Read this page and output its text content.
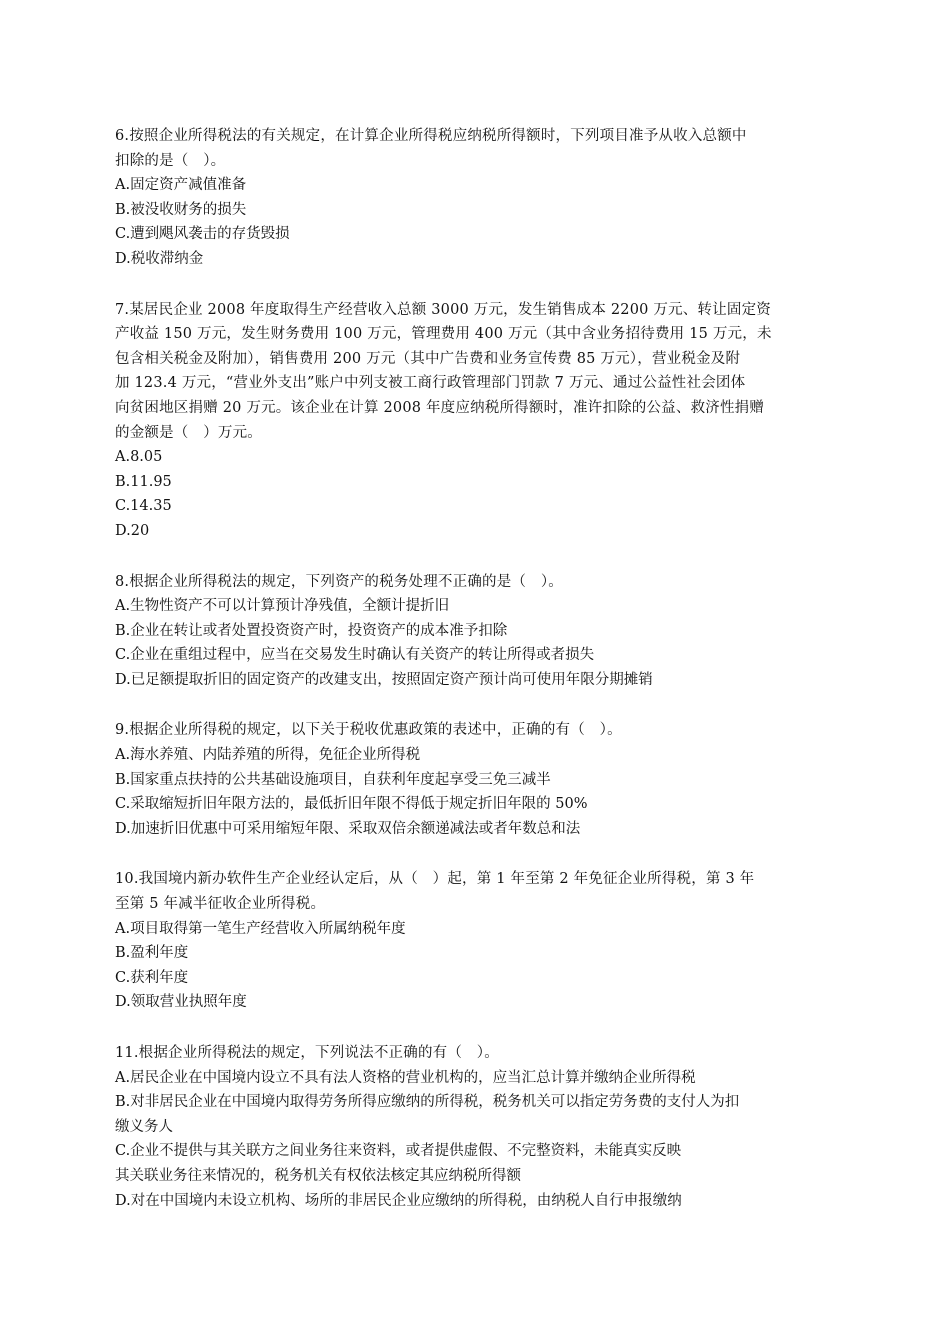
6.按照企业所得税法的有关规定，在计算企业所得税应纳税所得额时，下列项目准予从收入总额中
扣除的是（　）。
A.固定资产减值准备
B.被没收财务的损失
C.遭到飓风袭击的存货毁损
D.税收滞纳金
7.某居民企业 2008 年度取得生产经营收入总额 3000 万元，发生销售成本 2200 万元、转让固定资
产收益 150 万元，发生财务费用 100 万元，管理费用 400 万元（其中含业务招待费用 15 万元，未
包含相关税金及附加），销售费用 200 万元（其中广告费和业务宣传费 85 万元），营业税金及附
加 123.4 万元，“营业外支出”账户中列支被工商行政管理部门罚款 7 万元、通过公益性社会团体
向贫困地区捐赠 20 万元。该企业在计算 2008 年度应纳税所得额时，准许扣除的公益、救济性捐赠
的金额是（　）万元。
A.8.05
B.11.95
C.14.35
D.20
8.根据企业所得税法的规定，下列资产的税务处理不正确的是（　）。
A.生物性资产不可以计算预计净残值，全额计提折旧
B.企业在转让或者处置投资资产时，投资资产的成本准予扣除
C.企业在重组过程中，应当在交易发生时确认有关资产的转让所得或者损失
D.已足额提取折旧的固定资产的改建支出，按照固定资产预计尚可使用年限分期摊销
9.根据企业所得税的规定，以下关于税收优惠政策的表述中，正确的有（　）。
A.海水养殖、内陆养殖的所得，免征企业所得税
B.国家重点扶持的公共基础设施项目，自获利年度起享受三免三减半
C.采取缩短折旧年限方法的，最低折旧年限不得低于规定折旧年限的 50%
D.加速折旧优惠中可采用缩短年限、采取双倍余额递减法或者年数总和法
10.我国境内新办软件生产企业经认定后，从（　）起，第 1 年至第 2 年免征企业所得税，第 3 年
至第 5 年减半征收企业所得税。
A.项目取得第一笔生产经营收入所属纳税年度
B.盈利年度
C.获利年度
D.领取营业执照年度
11.根据企业所得税法的规定，下列说法不正确的有（　）。
A.居民企业在中国境内设立不具有法人资格的营业机构的，应当汇总计算并缴纳企业所得税
B.对非居民企业在中国境内取得劳务所得应缴纳的所得税，税务机关可以指定劳务费的支付人为扣
缴义务人
C.企业不提供与其关联方之间业务往来资料，或者提供虚假、不完整资料，未能真实反映
其关联业务往来情况的，税务机关有权依法核定其应纳税所得额
D.对在中国境内未设立机构、场所的非居民企业应缴纳的所得税，由纳税人自行申报缴纳
